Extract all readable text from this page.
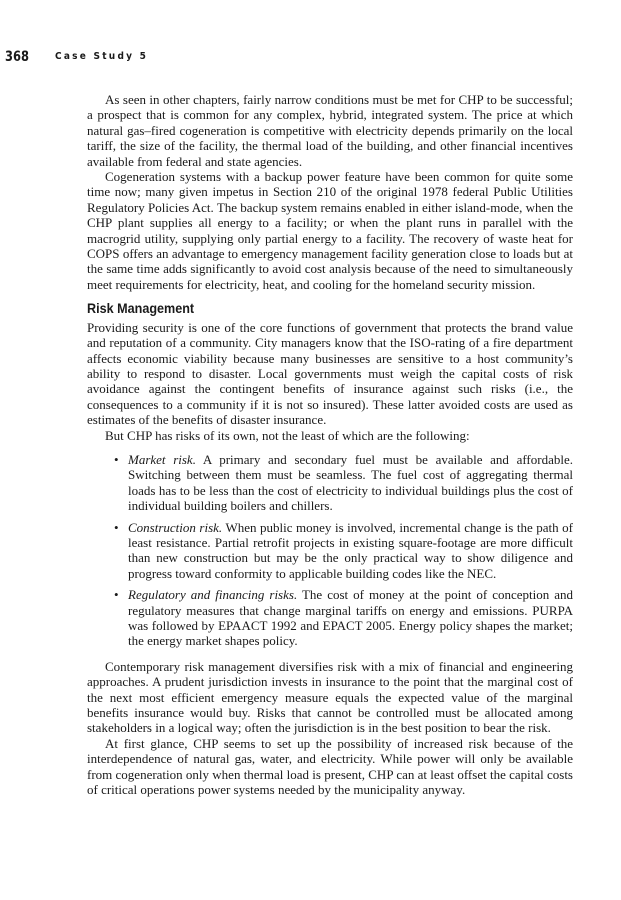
368	Case Study 5

As seen in other chapters, fairly narrow conditions must be met for CHP to be successful; a prospect that is common for any complex, hybrid, integrated system. The price at which natural gas–fired cogeneration is competitive with electricity depends primarily on the local tariff, the size of the facility, the thermal load of the building, and other financial incentives available from federal and state agencies.

Cogeneration systems with a backup power feature have been common for quite some time now; many given impetus in Section 210 of the original 1978 federal Public Utilities Regulatory Policies Act. The backup system remains enabled in either island-mode, when the CHP plant supplies all energy to a facility; or when the plant runs in parallel with the macrogrid utility, supplying only partial energy to a facility. The recovery of waste heat for COPS offers an advantage to emergency management facility generation close to loads but at the same time adds significantly to avoid cost analysis because of the need to simultaneously meet requirements for electricity, heat, and cooling for the homeland security mission.

Risk Management

Providing security is one of the core functions of government that protects the brand value and reputation of a community. City managers know that the ISO-rating of a fire department affects economic viability because many businesses are sensitive to a host community’s ability to respond to disaster. Local governments must weigh the capital costs of risk avoidance against the contingent benefits of insurance against such risks (i.e., the consequences to a community if it is not so insured). These latter avoided costs are used as estimates of the benefits of disaster insurance.

But CHP has risks of its own, not the least of which are the following:

• Market risk. A primary and secondary fuel must be available and affordable. Switching between them must be seamless. The fuel cost of aggregating thermal loads has to be less than the cost of electricity to individual buildings plus the cost of individual building boilers and chillers.
• Construction risk. When public money is involved, incremental change is the path of least resistance. Partial retrofit projects in existing square-footage are more difficult than new construction but may be the only practical way to show diligence and progress toward conformity to applicable building codes like the NEC.
• Regulatory and financing risks. The cost of money at the point of conception and regulatory measures that change marginal tariffs on energy and emissions. PURPA was followed by EPAACT 1992 and EPACT 2005. Energy policy shapes the market; the energy market shapes policy.

Contemporary risk management diversifies risk with a mix of financial and engineering approaches. A prudent jurisdiction invests in insurance to the point that the marginal cost of the next most efficient emergency measure equals the expected value of the marginal benefits insurance would buy. Risks that cannot be controlled must be allocated among stakeholders in a logical way; often the jurisdiction is in the best position to bear the risk.

At first glance, CHP seems to set up the possibility of increased risk because of the interdependence of natural gas, water, and electricity. While power will only be available from cogeneration only when thermal load is present, CHP can at least offset the capital costs of critical operations power systems needed by the municipality anyway.
